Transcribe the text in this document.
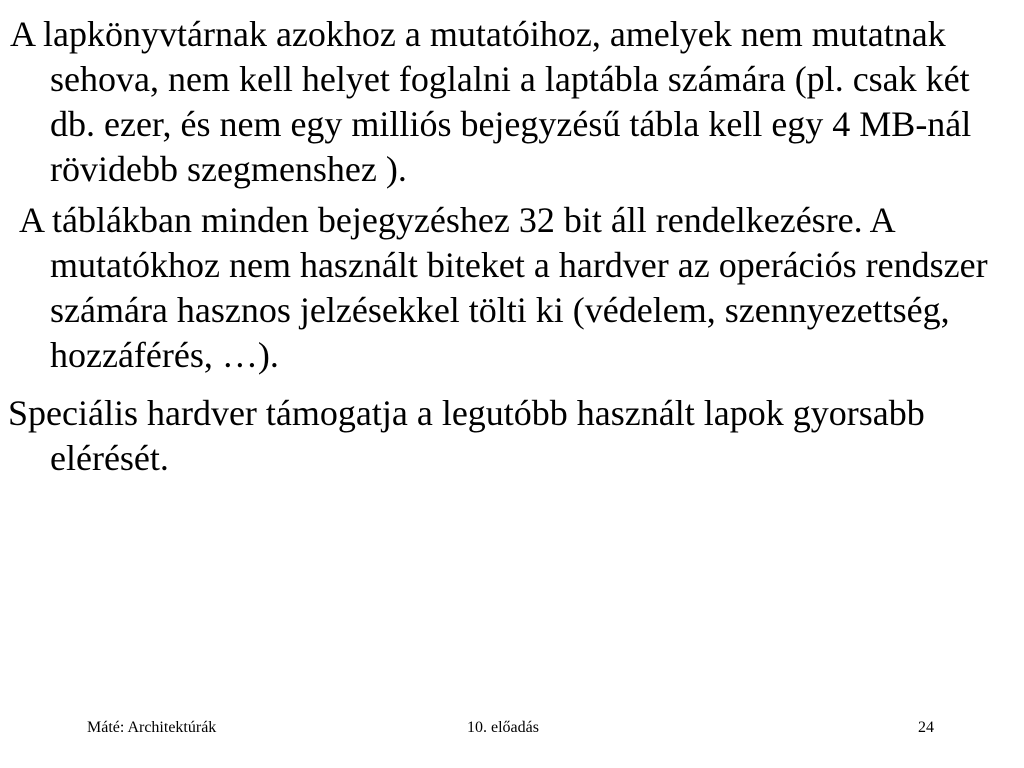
A lapkönyvtárnak azokhoz a mutatóihoz, amelyek nem mutatnak sehova, nem kell helyet foglalni a laptábla számára (pl. csak két db. ezer, és nem egy milliós bejegyzésű tábla kell egy 4 MB-nál rövidebb szegmenshez ).

A táblákban minden bejegyzéshez 32 bit áll rendelkezésre. A mutatókhoz nem használt biteket a hardver az operációs rendszer számára hasznos jelzésekkel tölti ki (védelem, szennyezettség, hozzáférés, …).

Speciális hardver támogatja a legutóbb használt lapok gyorsabb elérését.

Máté: Architektúrák	10. előadás	24
